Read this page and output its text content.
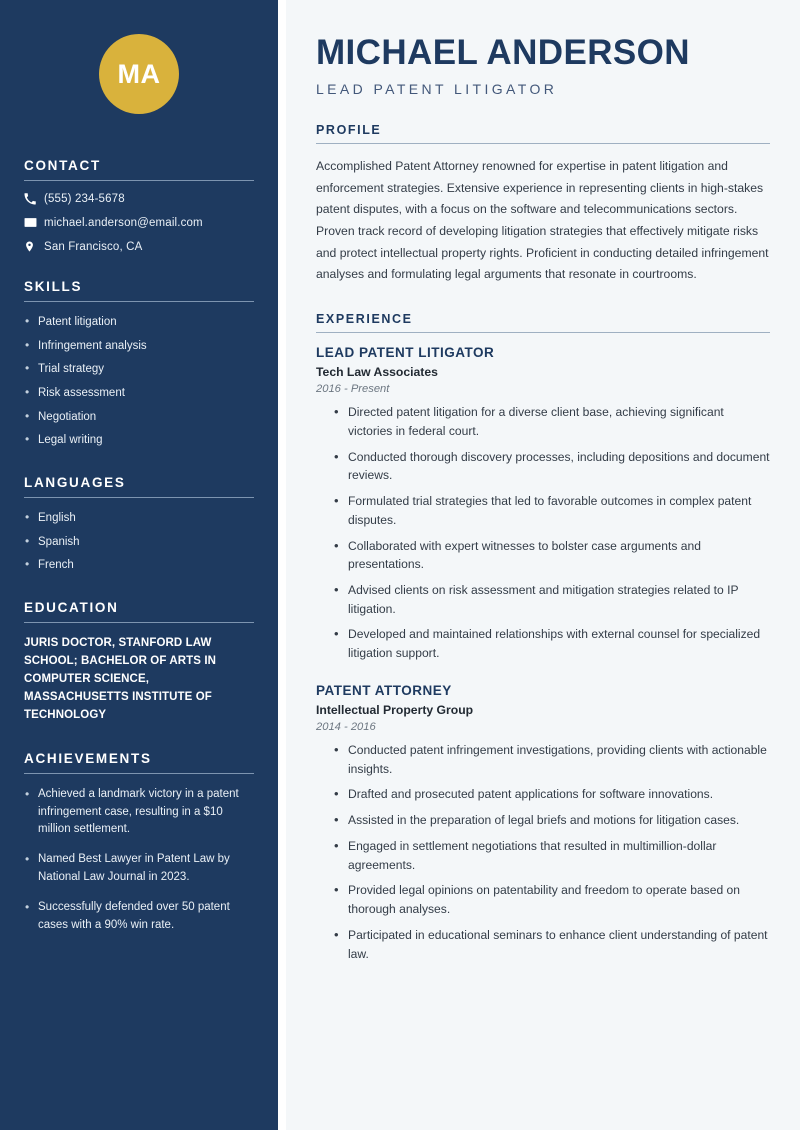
MA
CONTACT
(555) 234-5678
michael.anderson@email.com
San Francisco, CA
SKILLS
• Patent litigation
• Infringement analysis
• Trial strategy
• Risk assessment
• Negotiation
• Legal writing
LANGUAGES
• English
• Spanish
• French
EDUCATION
JURIS DOCTOR, STANFORD LAW SCHOOL; BACHELOR OF ARTS IN COMPUTER SCIENCE, MASSACHUSETTS INSTITUTE OF TECHNOLOGY
ACHIEVEMENTS
• Achieved a landmark victory in a patent infringement case, resulting in a $10 million settlement.
• Named Best Lawyer in Patent Law by National Law Journal in 2023.
• Successfully defended over 50 patent cases with a 90% win rate.
MICHAEL ANDERSON
LEAD PATENT LITIGATOR
PROFILE

Accomplished Patent Attorney renowned for expertise in patent litigation and enforcement strategies. Extensive experience in representing clients in high-stakes patent disputes, with a focus on the software and telecommunications sectors. Proven track record of developing litigation strategies that effectively mitigate risks and protect intellectual property rights. Proficient in conducting detailed infringement analyses and formulating legal arguments that resonate in courtrooms.

EXPERIENCE
LEAD PATENT LITIGATOR
Tech Law Associates
2016 - Present
• Directed patent litigation for a diverse client base, achieving significant victories in federal court.
• Conducted thorough discovery processes, including depositions and document reviews.
• Formulated trial strategies that led to favorable outcomes in complex patent disputes.
• Collaborated with expert witnesses to bolster case arguments and presentations.
• Advised clients on risk assessment and mitigation strategies related to IP litigation.
• Developed and maintained relationships with external counsel for specialized litigation support.
PATENT ATTORNEY
Intellectual Property Group
2014 - 2016
• Conducted patent infringement investigations, providing clients with actionable insights.
• Drafted and prosecuted patent applications for software innovations.
• Assisted in the preparation of legal briefs and motions for litigation cases.
• Engaged in settlement negotiations that resulted in multimillion-dollar agreements.
• Provided legal opinions on patentability and freedom to operate based on thorough analyses.
• Participated in educational seminars to enhance client understanding of patent law.
